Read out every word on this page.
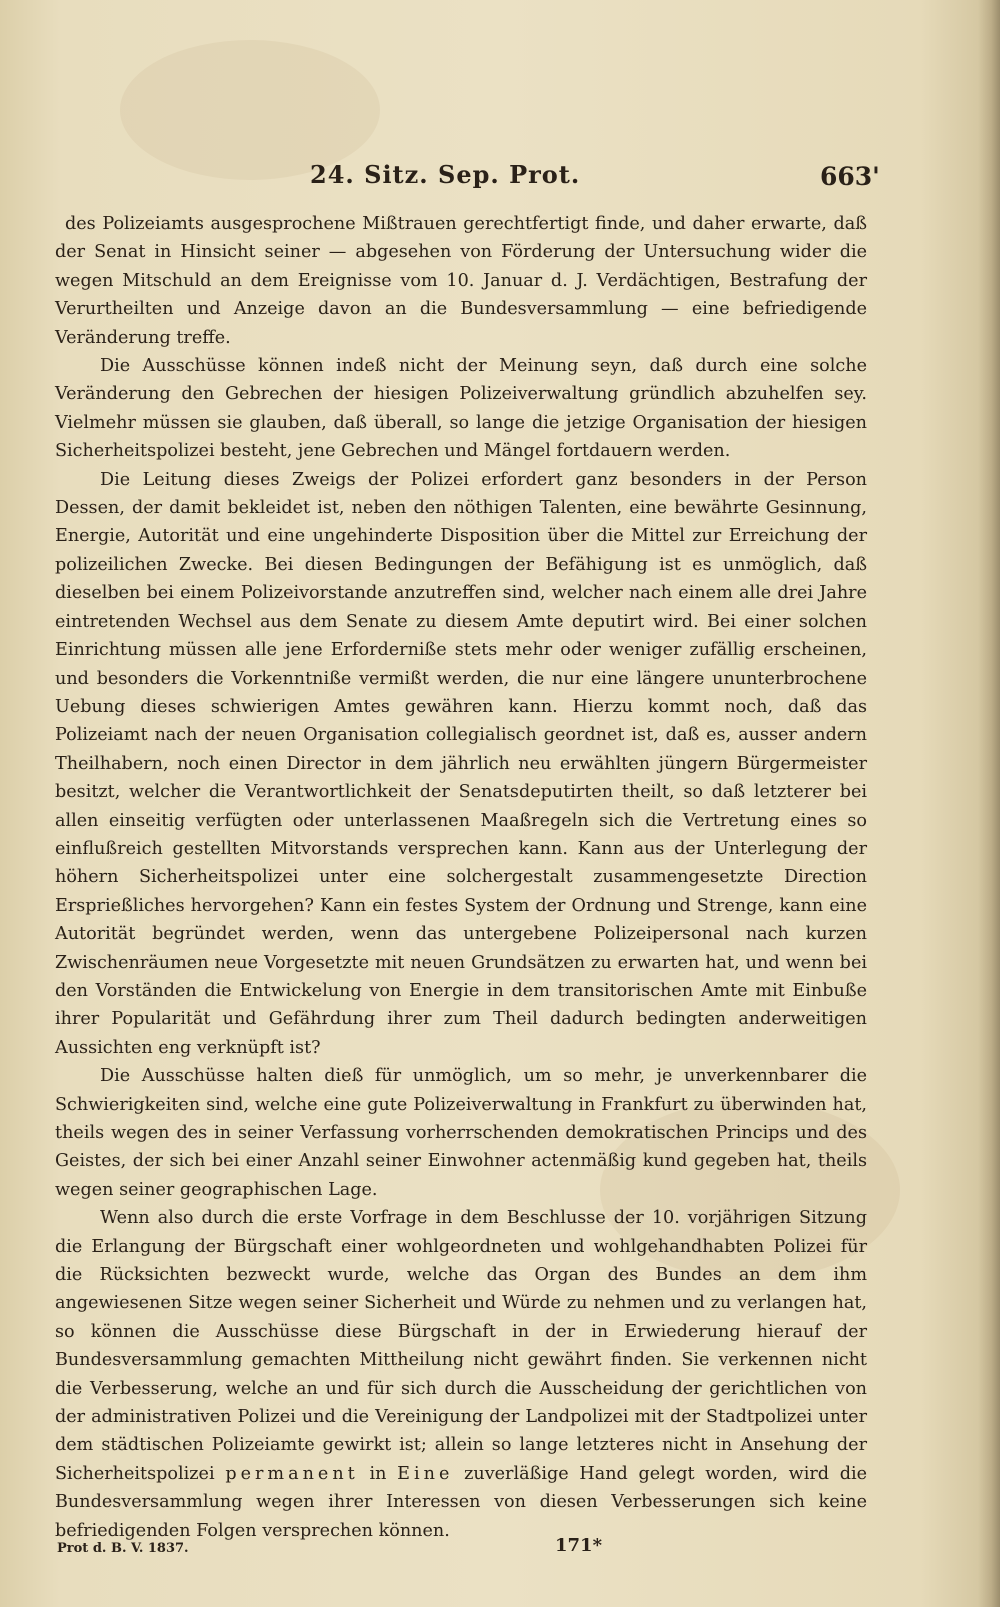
24. Sitz. Sep. Prot.	663'

des Polizeiamts ausgesprochene Mißtrauen gerechtfertigt finde, und daher erwarte, daß der Senat in Hinsicht seiner — abgesehen von Förderung der Untersuchung wider die wegen Mitschuld an dem Ereignisse vom 10. Januar d. J. Verdächtigen, Bestrafung der Verurtheilten und Anzeige davon an die Bundesversammlung — eine befriedigende Veränderung treffe.

Die Ausschüsse können indeß nicht der Meinung seyn, daß durch eine solche Veränderung den Gebrechen der hiesigen Polizeiverwaltung gründlich abzuhelfen sey. Vielmehr müssen sie glauben, daß überall, so lange die jetzige Organisation der hiesigen Sicherheitspolizei besteht, jene Gebrechen und Mängel fortdauern werden.

Die Leitung dieses Zweigs der Polizei erfordert ganz besonders in der Person Dessen, der damit bekleidet ist, neben den nöthigen Talenten, eine bewährte Gesinnung, Energie, Autorität und eine ungehinderte Disposition über die Mittel zur Erreichung der polizeilichen Zwecke. Bei diesen Bedingungen der Befähigung ist es unmöglich, daß dieselben bei einem Polizeivorstande anzutreffen sind, welcher nach einem alle drei Jahre eintretenden Wechsel aus dem Senate zu diesem Amte deputirt wird. Bei einer solchen Einrichtung müssen alle jene Erforderniße stets mehr oder weniger zufällig erscheinen, und besonders die Vorkenntniße vermißt werden, die nur eine längere ununterbrochene Uebung dieses schwierigen Amtes gewähren kann. Hierzu kommt noch, daß das Polizeiamt nach der neuen Organisation collegialisch geordnet ist, daß es, ausser andern Theilhabern, noch einen Director in dem jährlich neu erwählten jüngern Bürgermeister besitzt, welcher die Verantwortlichkeit der Senatsdeputirten theilt, so daß letzterer bei allen einseitig verfügten oder unterlassenen Maaßregeln sich die Vertretung eines so einflußreich gestellten Mitvorstands versprechen kann. Kann aus der Unterlegung der höhern Sicherheitspolizei unter eine solchergestalt zusammengesetzte Direction Ersprießliches hervorgehen? Kann ein festes System der Ordnung und Strenge, kann eine Autorität begründet werden, wenn das untergebene Polizeipersonal nach kurzen Zwischenräumen neue Vorgesetzte mit neuen Grundsätzen zu erwarten hat, und wenn bei den Vorständen die Entwickelung von Energie in dem transitorischen Amte mit Einbuße ihrer Popularität und Gefährdung ihrer zum Theil dadurch bedingten anderweitigen Aussichten eng verknüpft ist?

Die Ausschüsse halten dieß für unmöglich, um so mehr, je unverkennbarer die Schwierigkeiten sind, welche eine gute Polizeiverwaltung in Frankfurt zu überwinden hat, theils wegen des in seiner Verfassung vorherrschenden demokratischen Princips und des Geistes, der sich bei einer Anzahl seiner Einwohner actenmäßig kund gegeben hat, theils wegen seiner geographischen Lage.

Wenn also durch die erste Vorfrage in dem Beschlusse der 10. vorjährigen Sitzung die Erlangung der Bürgschaft einer wohlgeordneten und wohlgehandhabten Polizei für die Rücksichten bezweckt wurde, welche das Organ des Bundes an dem ihm angewiesenen Sitze wegen seiner Sicherheit und Würde zu nehmen und zu verlangen hat, so können die Ausschüsse diese Bürgschaft in der in Erwiederung hierauf der Bundesversammlung gemachten Mittheilung nicht gewährt finden. Sie verkennen nicht die Verbesserung, welche an und für sich durch die Ausscheidung der gerichtlichen von der administrativen Polizei und die Vereinigung der Landpolizei mit der Stadtpolizei unter dem städtischen Polizeiamte gewirkt ist; allein so lange letzteres nicht in Ansehung der Sicherheitspolizei permanent in Eine zuverläßige Hand gelegt worden, wird die Bundesversammlung wegen ihrer Interessen von diesen Verbesserungen sich keine befriedigenden Folgen versprechen können.

Prot d. B. V. 1837.	171*
